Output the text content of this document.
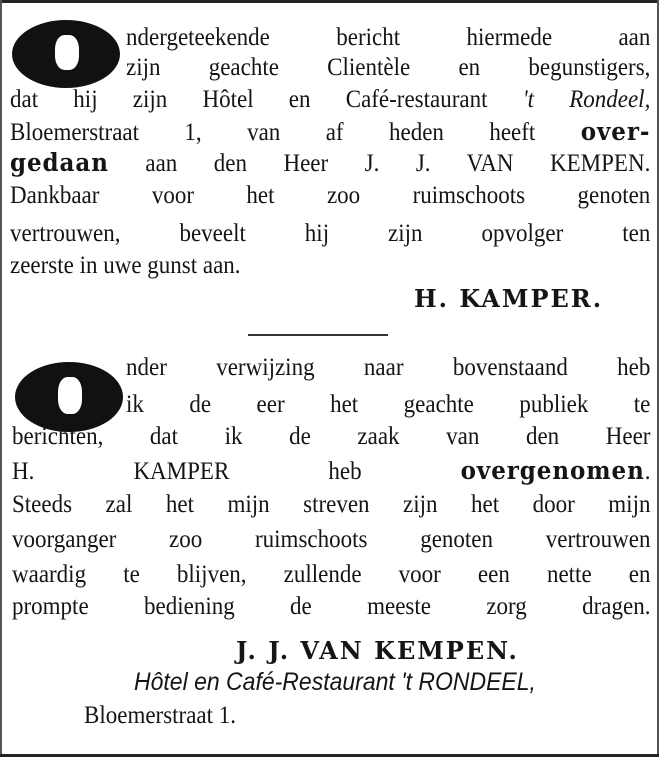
ndergeteekende bericht hiermede aan
zijn geachte Clientèle en begunstigers,
dat hij zijn Hôtel en Café-restaurant 't Rondeel,
Bloemerstraat 1, van af heden heeft over-
gedaan aan den Heer J. J. VAN KEMPEN.
Dankbaar voor het zoo ruimschoots genoten
vertrouwen, beveelt hij zijn opvolger ten
zeerste in uwe gunst aan.
H. KAMPER.
nder verwijzing naar bovenstaand heb
ik de eer het geachte publiek te
berichten, dat ik de zaak van den Heer
H. KAMPER heb	overgenomen.
Steeds zal het mijn streven zijn het door mijn
voorganger zoo ruimschoots genoten vertrouwen
waardig te blijven, zullende voor een nette en
prompte bediening de meeste zorg dragen.
J. J. VAN KEMPEN.
Hôtel en Café-Restaurant 't RONDEEL,
Bloemerstraat 1.
